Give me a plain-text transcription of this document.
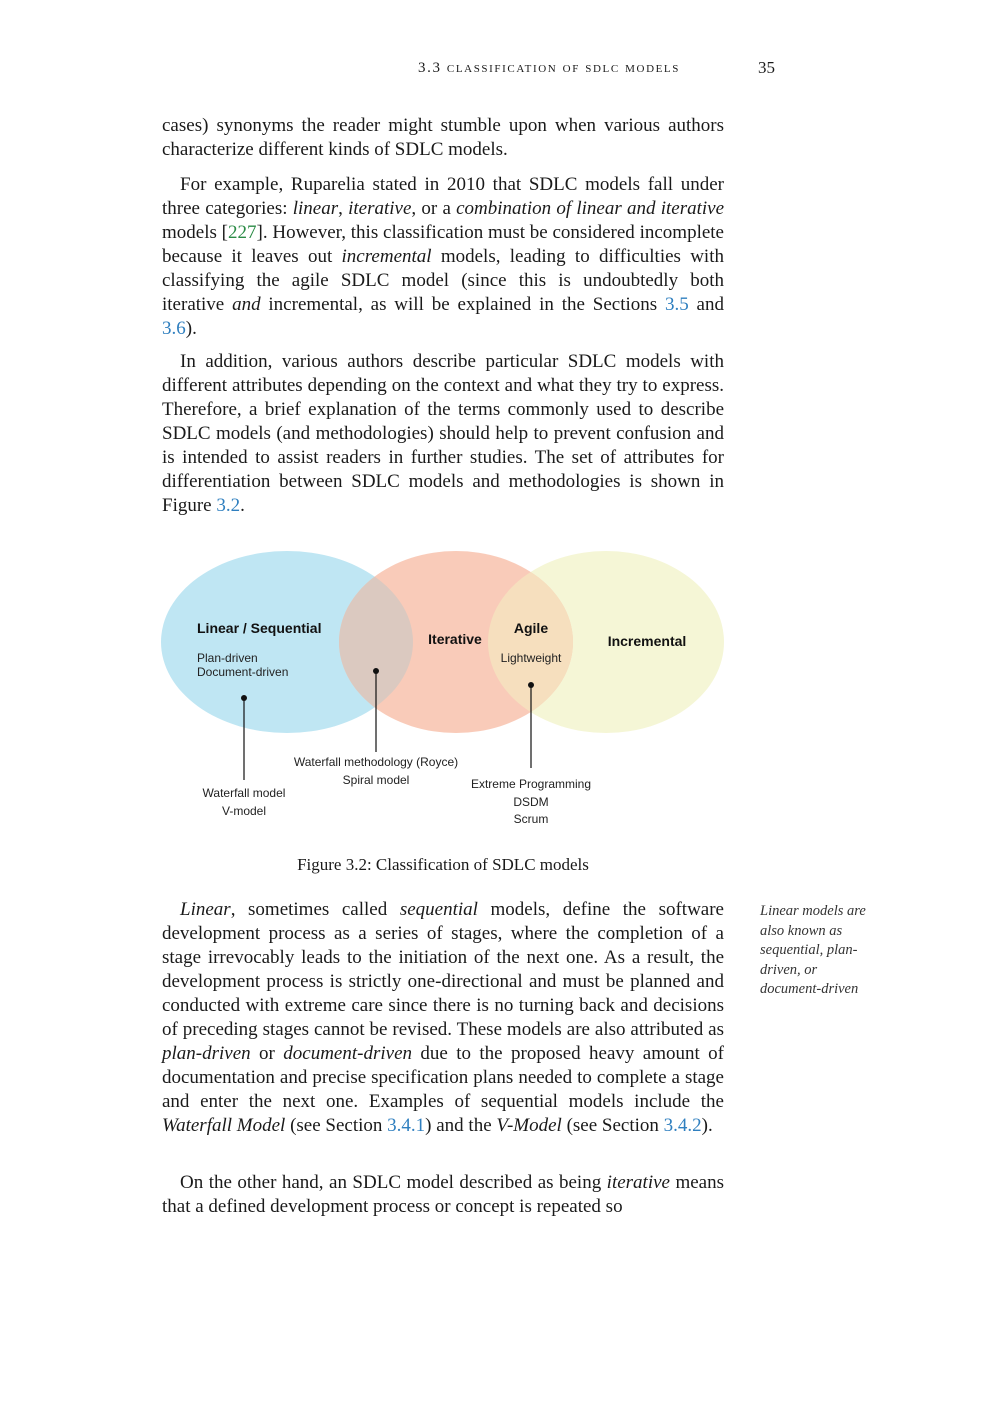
3.3 classification of sdlc models	35

cases) synonyms the reader might stumble upon when various authors characterize different kinds of SDLC models.

For example, Ruparelia stated in 2010 that SDLC models fall under three categories: linear, iterative, or a combination of linear and iterative models [227]. However, this classification must be considered incomplete because it leaves out incremental models, leading to difficulties with classifying the agile SDLC model (since this is undoubtedly both iterative and incremental, as will be explained in the Sections 3.5 and 3.6).

In addition, various authors describe particular SDLC models with different attributes depending on the context and what they try to express. Therefore, a brief explanation of the terms commonly used to describe SDLC models (and methodologies) should help to prevent confusion and is intended to assist readers in further studies. The set of attributes for differentiation between SDLC models and methodologies is shown in Figure 3.2.

Linear / Sequential
Plan-driven
Document-driven
Iterative
Agile
Lightweight
Incremental
Waterfall model
V-model
Waterfall methodology (Royce)
Spiral model	Extreme Programming
DSDM
Scrum
Figure 3.2: Classification of SDLC models

Linear, sometimes called sequential models, define the software development process as a series of stages, where the completion of a stage irrevocably leads to the initiation of the next one. As a result, the development process is strictly one-directional and must be planned and conducted with extreme care since there is no turning back and decisions of preceding stages cannot be revised. These models are also attributed as plan-driven or document-driven due to the proposed heavy amount of documentation and precise specification plans needed to complete a stage and enter the next one. Examples of sequential models include the Waterfall Model (see Section 3.4.1) and the V-Model (see Section 3.4.2).

On the other hand, an SDLC model described as being iterative means that a defined development process or concept is repeated so

Linear models are also known as sequential, plan-driven, or document-driven
